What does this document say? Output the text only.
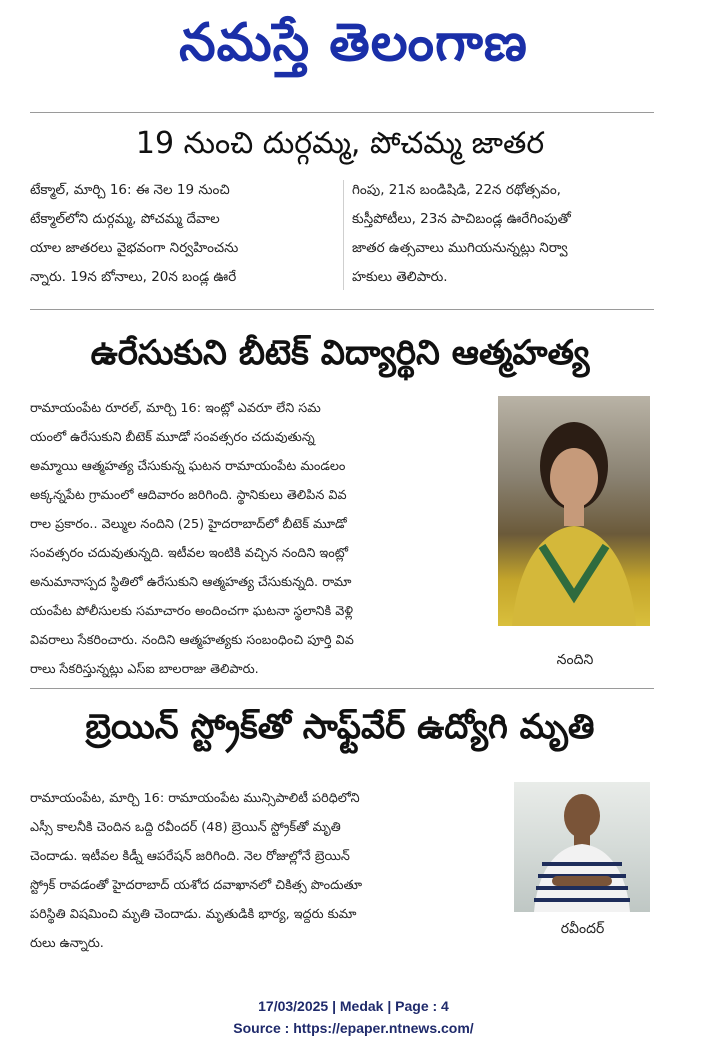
నమస్తే తెలంగాణ
19 నుంచి దుర్గమ్మ, పోచమ్మ జాతర
టేక్మాల్, మార్చి 16: ఈ నెల 19 నుంచి
టేక్మాల్‌లోని దుర్గమ్మ, పోచమ్మ దేవాల
యాల జాతరలు వైభవంగా నిర్వహించను
న్నారు. 19న బోనాలు, 20న బండ్ల ఊరే
గింపు, 21న బండిషిడి, 22న రథోత్సవం,
కుస్తీపోటీలు, 23న పాచిబండ్ల ఊరేగింపుతో
జాతర ఉత్సవాలు ముగియనున్నట్లు నిర్వా
హకులు తెలిపారు.
ఉరేసుకుని బీటెక్ విద్యార్థిని ఆత్మహత్య
రామాయంపేట రూరల్, మార్చి 16: ఇంట్లో ఎవరూ లేని సమ
యంలో ఉరేసుకుని బీటెక్ మూడో సంవత్సరం చదువుతున్న
అమ్మాయి ఆత్మహత్య చేసుకున్న ఘటన రామాయంపేట మండలం
అక్కన్నపేట గ్రామంలో ఆదివారం జరిగింది. స్థానికులు తెలిపిన వివ
రాల ప్రకారం.. వెల్ముల నందిని (25) హైదరాబాద్‌లో బీటెక్ మూడో
సంవత్సరం చదువుతున్నది. ఇటీవల ఇంటికి వచ్చిన నందిని ఇంట్లో
అనుమానాస్పద స్థితిలో ఉరేసుకుని ఆత్మహత్య చేసుకున్నది. రామా
యంపేట పోలీసులకు సమాచారం అందించగా ఘటనా స్థలానికి వెళ్లి
వివరాలు సేకరించారు. నందిని ఆత్మహత్యకు సంబంధించి పూర్తి వివ
రాలు సేకరిస్తున్నట్లు ఎస్ఐ బాలరాజు తెలిపారు.
నందిని
బ్రెయిన్ స్ట్రోక్‌తో సాఫ్ట్‌వేర్ ఉద్యోగి మృతి
రామాయంపేట, మార్చి 16: రామాయంపేట మున్సిపాలిటీ పరిధిలోని
ఎస్సీ కాలనీకి చెందిన ఒద్ది రవీందర్ (48) బ్రెయిన్ స్ట్రోక్‌తో మృతి
చెందాడు. ఇటీవల కిడ్నీ ఆపరేషన్ జరిగింది. నెల రోజుల్లోనే బ్రెయిన్
స్ట్రోక్ రావడంతో హైదరాబాద్ యశోద దవాఖానలో చికిత్స పొందుతూ
పరిస్థితి విషమించి మృతి చెందాడు. మృతుడికి భార్య, ఇద్దరు కుమా
రులు ఉన్నారు.
రవీందర్
17/03/2025 | Medak | Page : 4
Source : https://epaper.ntnews.com/
